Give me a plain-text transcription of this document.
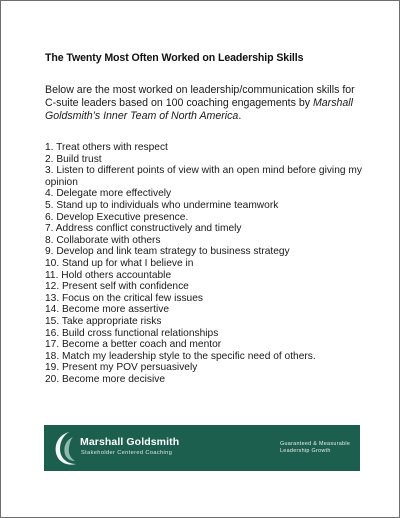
The Twenty Most Often Worked on Leadership Skills
Below are the most worked on leadership/communication skills for C-suite leaders based on 100 coaching engagements by Marshall Goldsmith’s Inner Team of North America.
1. Treat others with respect
2. Build trust
3. Listen to different points of view with an open mind before giving my opinion
4. Delegate more effectively
5. Stand up to individuals who undermine teamwork
6. Develop Executive presence.
7. Address conflict constructively and timely
8. Collaborate with others
9. Develop and link team strategy to business strategy
10. Stand up for what I believe in
11. Hold others accountable
12. Present self with confidence
13. Focus on the critical few issues
14. Become more assertive
15. Take appropriate risks
16. Build cross functional relationships
17. Become a better coach and mentor
18. Match my leadership style to the specific need of others.
19. Present my POV persuasively
20. Become more decisive
Marshall Goldsmith
Stakeholder Centered Coaching
Guaranteed & Measurable
Leadership Growth
